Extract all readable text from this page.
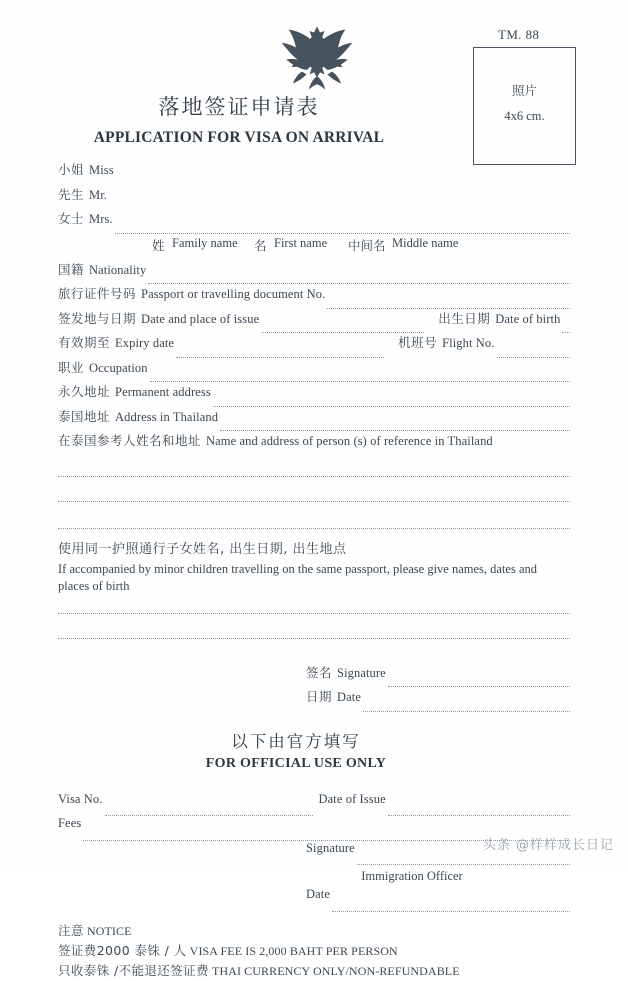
落地签证申请表
APPLICATION FOR VISA ON ARRIVAL
TM. 88
照片
4x6 cm.
小姐 Miss
先生 Mr.
女士 Mrs.
姓 Family name 名 First name 中间名 Middle name
国籍 Nationality
旅行证件号码 Passport or travelling document No.
签发地与日期 Date and place of issue	出生日期 Date of birth
有效期至 Expiry date	机班号 Flight No.
职业 Occupation
永久地址 Permanent address
泰国地址 Address in Thailand
在泰国参考人姓名和地址 Name and address of person (s) of reference in Thailand
使用同一护照通行子女姓名, 出生日期, 出生地点
If accompanied by minor children travelling on the same passport, please give names, dates and places of birth
签名 Signature
日期 Date
以下由官方填写
FOR OFFICIAL USE ONLY
Visa No.	Date of Issue
Fees
Signature
Immigration Officer
Date
注意 NOTICE
签证费2000 泰铢 / 人 VISA FEE IS 2,000 BAHT PER PERSON
只收泰铢 /不能退还签证费 THAI CURRENCY ONLY/NON-REFUNDABLE
头条 @样样成长日记
